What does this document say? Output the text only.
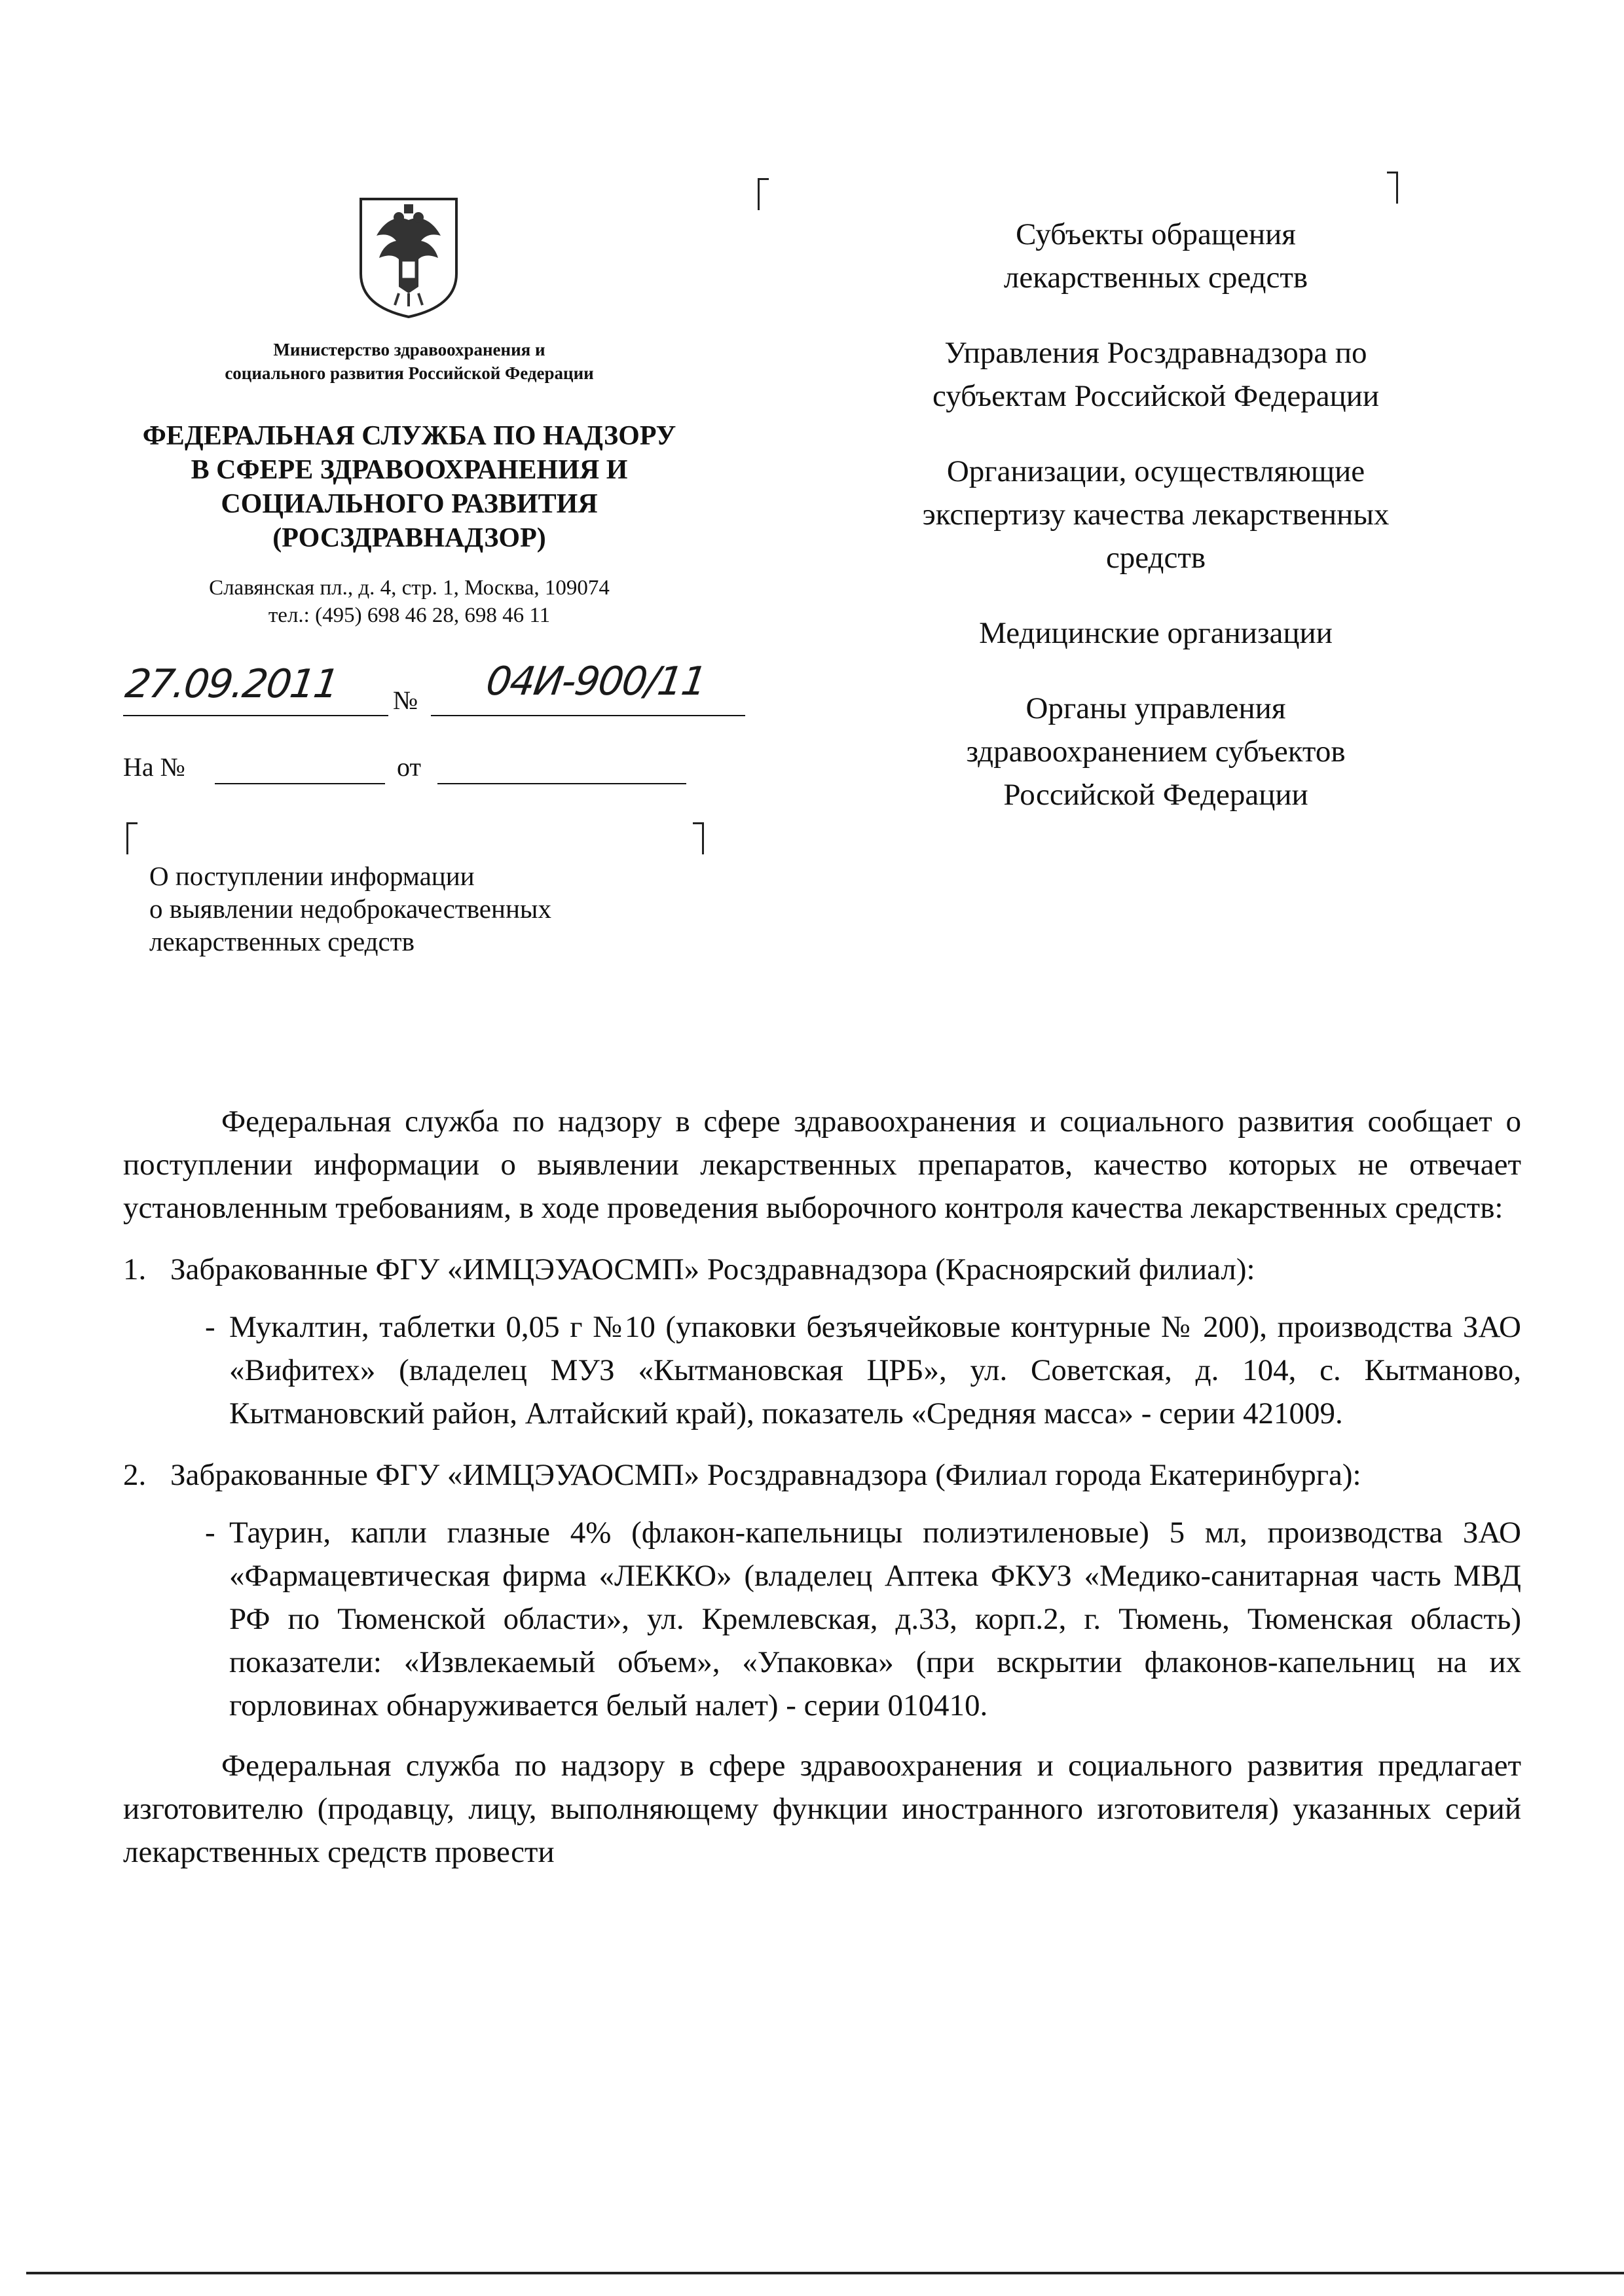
Министерство здравоохранения и
социального развития Российской Федерации
ФЕДЕРАЛЬНАЯ СЛУЖБА ПО НАДЗОРУ
В СФЕРЕ ЗДРАВООХРАНЕНИЯ И
СОЦИАЛЬНОГО РАЗВИТИЯ
(РОСЗДРАВНАДЗОР)
Славянская пл., д. 4, стр. 1, Москва, 109074
тел.: (495) 698 46 28, 698 46 11
27.09.2011 № 04И-900/11
На №	от
О поступлении информации
о выявлении недоброкачественных
лекарственных средств
Субъекты обращения
лекарственных средств
Управления Росздравнадзора по
субъектам Российской Федерации
Организации, осуществляющие
экспертизу качества лекарственных
средств
Медицинские организации
Органы управления
здравоохранением субъектов
Российской Федерации

Федеральная служба по надзору в сфере здравоохранения и социального развития сообщает о поступлении информации о выявлении лекарственных препаратов, качество которых не отвечает установленным требованиям, в ходе проведения выборочного контроля качества лекарственных средств:

1. Забракованные ФГУ «ИМЦЭУАОСМП» Росздравнадзора (Красноярский филиал):

- Мукалтин, таблетки 0,05 г №10 (упаковки безъячейковые контурные № 200), производства ЗАО «Вифитех» (владелец МУЗ «Кытмановская ЦРБ», ул. Советская, д. 104, с. Кытманово, Кытмановский район, Алтайский край), показатель «Средняя масса» - серии 421009.

2. Забракованные ФГУ «ИМЦЭУАОСМП» Росздравнадзора (Филиал города Екатеринбурга):

- Таурин, капли глазные 4% (флакон-капельницы полиэтиленовые) 5 мл, производства ЗАО «Фармацевтическая фирма «ЛЕККО» (владелец Аптека ФКУЗ «Медико-санитарная часть МВД РФ по Тюменской области», ул. Кремлевская, д.33, корп.2, г. Тюмень, Тюменская область) показатели: «Извлекаемый объем», «Упаковка» (при вскрытии флаконов-капельниц на их горловинах обнаруживается белый налет) - серии 010410.

Федеральная служба по надзору в сфере здравоохранения и социального развития предлагает изготовителю (продавцу, лицу, выполняющему функции иностранного изготовителя) указанных серий лекарственных средств провести
